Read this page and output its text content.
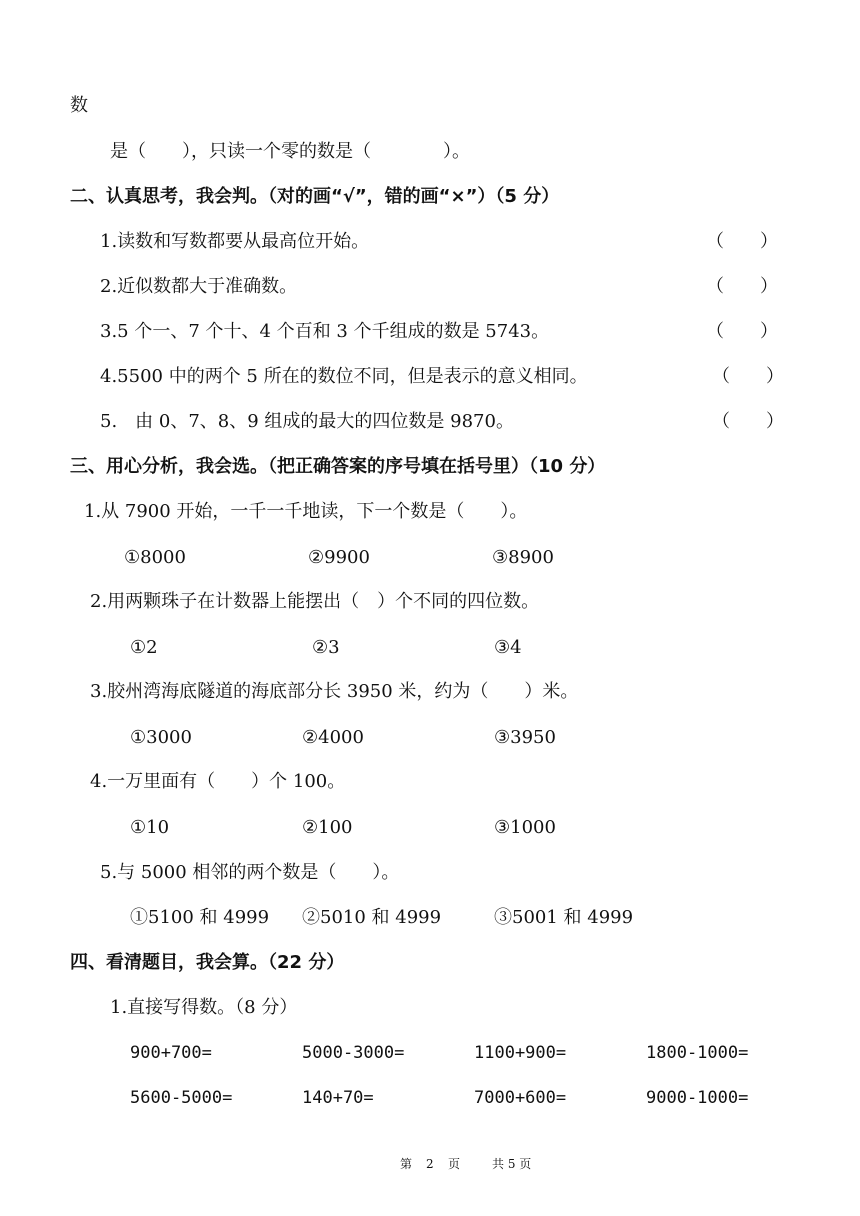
数
是（　　），只读一个零的数是（　　　　）。
二、认真思考，我会判。（对的画“√”，错的画“×”）（5 分）
1.读数和写数都要从最高位开始。	（　　）
2.近似数都大于准确数。	（　　）
3.5 个一、7 个十、4 个百和 3 个千组成的数是 5743。	（　　）
4.5500 中的两个 5 所在的数位不同，但是表示的意义相同。	（　　）
5.　由 0、7、8、9 组成的最大的四位数是 9870。	（　　）
三、用心分析，我会选。（把正确答案的序号填在括号里）（10 分）
1.从 7900 开始，一千一千地读，下一个数是（　　）。
①8000	②9900	③8900
2.用两颗珠子在计数器上能摆出（　）个不同的四位数。
①2	②3	③4
3.胶州湾海底隧道的海底部分长 3950 米，约为（　　）米。
①3000	②4000	③3950
4.一万里面有（　　）个 100。
①10	②100	③1000
5.与 5000 相邻的两个数是（　　）。
①5100 和 4999 ②5010 和 4999	③5001 和 4999
四、看清题目，我会算。（22 分）
1.直接写得数。（8 分）
900+700=	5000-3000=	1100+900=	1800-1000=
5600-5000=	140+70=	7000+600=	9000-1000=
第 2 页	共 5 页
